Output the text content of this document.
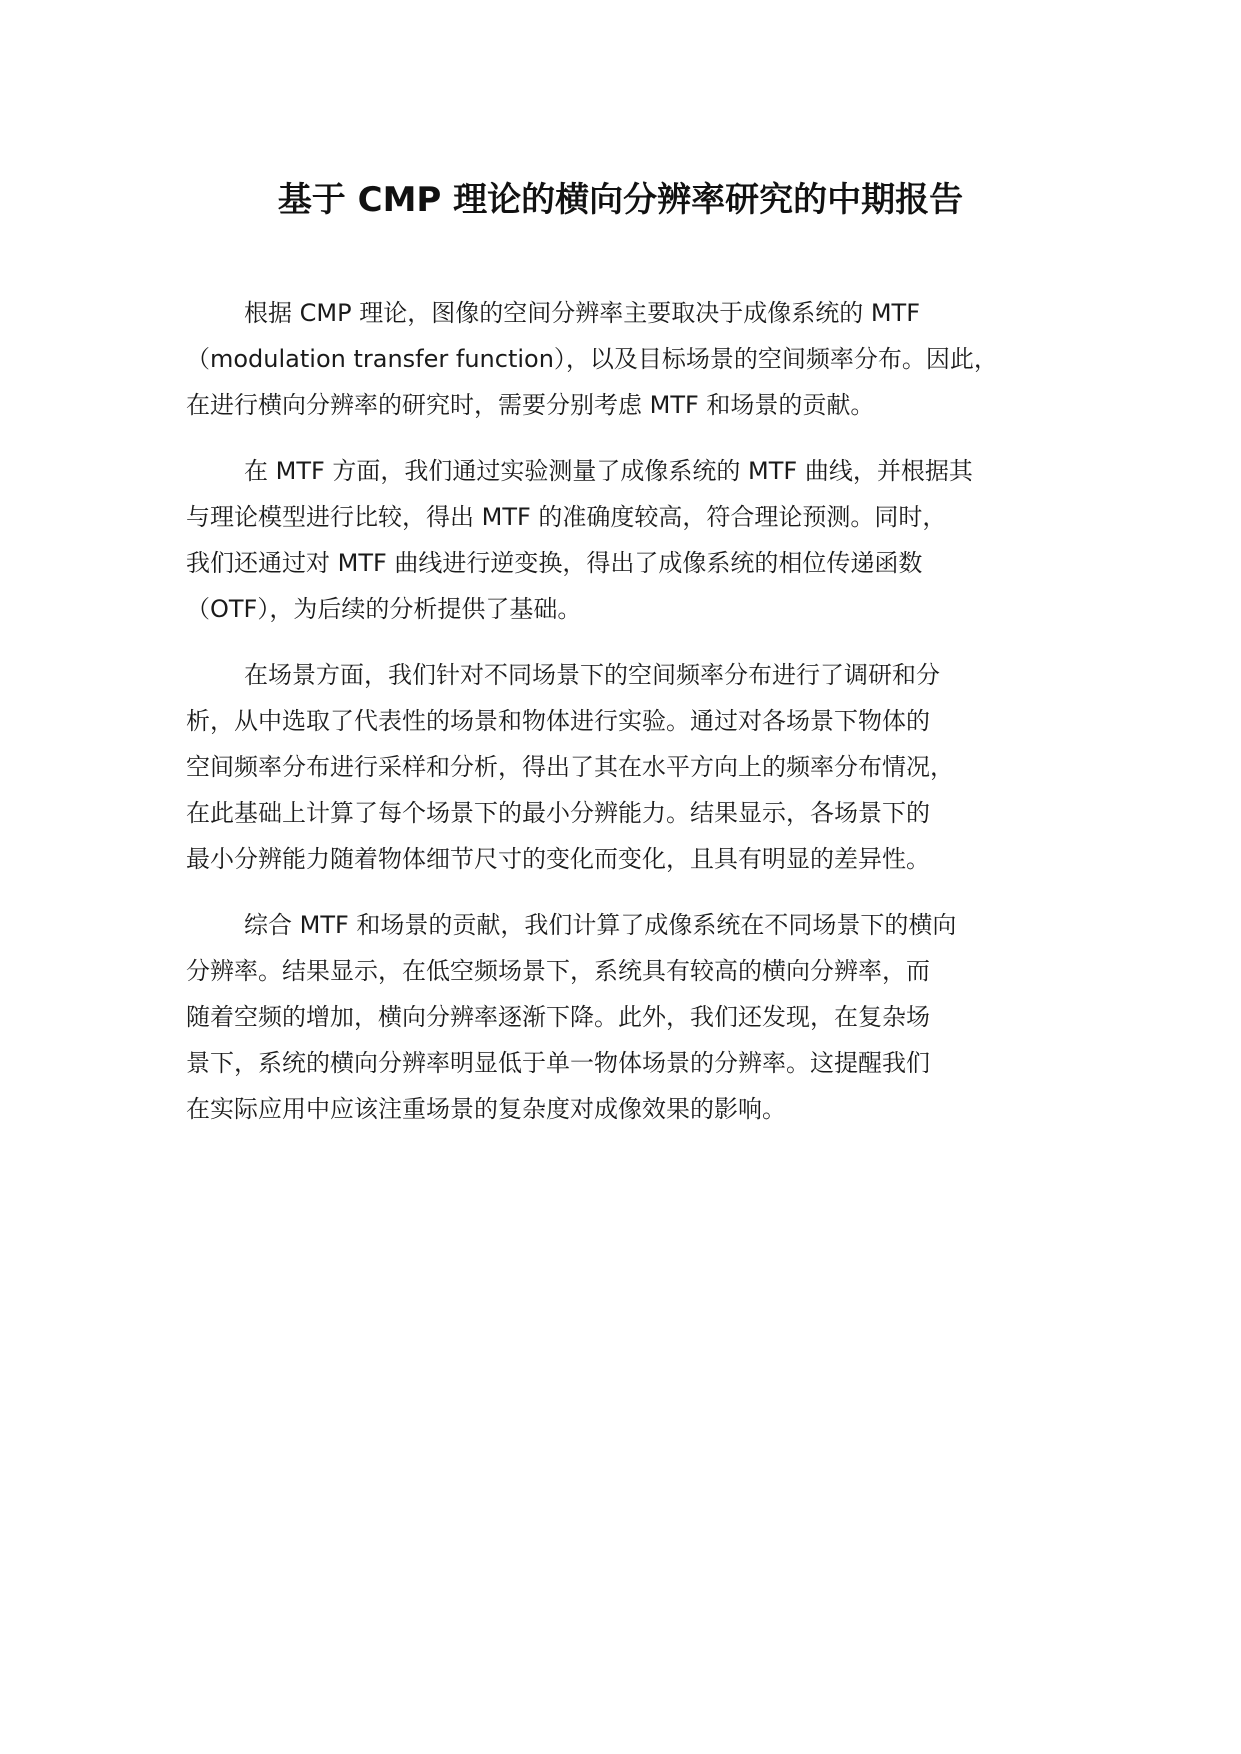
基于 CMP 理论的横向分辨率研究的中期报告

根据 CMP 理论，图像的空间分辨率主要取决于成像系统的 MTF
（modulation transfer function），以及目标场景的空间频率分布。因此，
在进行横向分辨率的研究时，需要分别考虑 MTF 和场景的贡献。

在 MTF 方面，我们通过实验测量了成像系统的 MTF 曲线，并根据其
与理论模型进行比较，得出 MTF 的准确度较高，符合理论预测。同时，
我们还通过对 MTF 曲线进行逆变换，得出了成像系统的相位传递函数
（OTF），为后续的分析提供了基础。

在场景方面，我们针对不同场景下的空间频率分布进行了调研和分
析，从中选取了代表性的场景和物体进行实验。通过对各场景下物体的
空间频率分布进行采样和分析，得出了其在水平方向上的频率分布情况，
在此基础上计算了每个场景下的最小分辨能力。结果显示，各场景下的
最小分辨能力随着物体细节尺寸的变化而变化，且具有明显的差异性。

综合 MTF 和场景的贡献，我们计算了成像系统在不同场景下的横向
分辨率。结果显示，在低空频场景下，系统具有较高的横向分辨率，而
随着空频的增加，横向分辨率逐渐下降。此外，我们还发现，在复杂场
景下，系统的横向分辨率明显低于单一物体场景的分辨率。这提醒我们
在实际应用中应该注重场景的复杂度对成像效果的影响。
